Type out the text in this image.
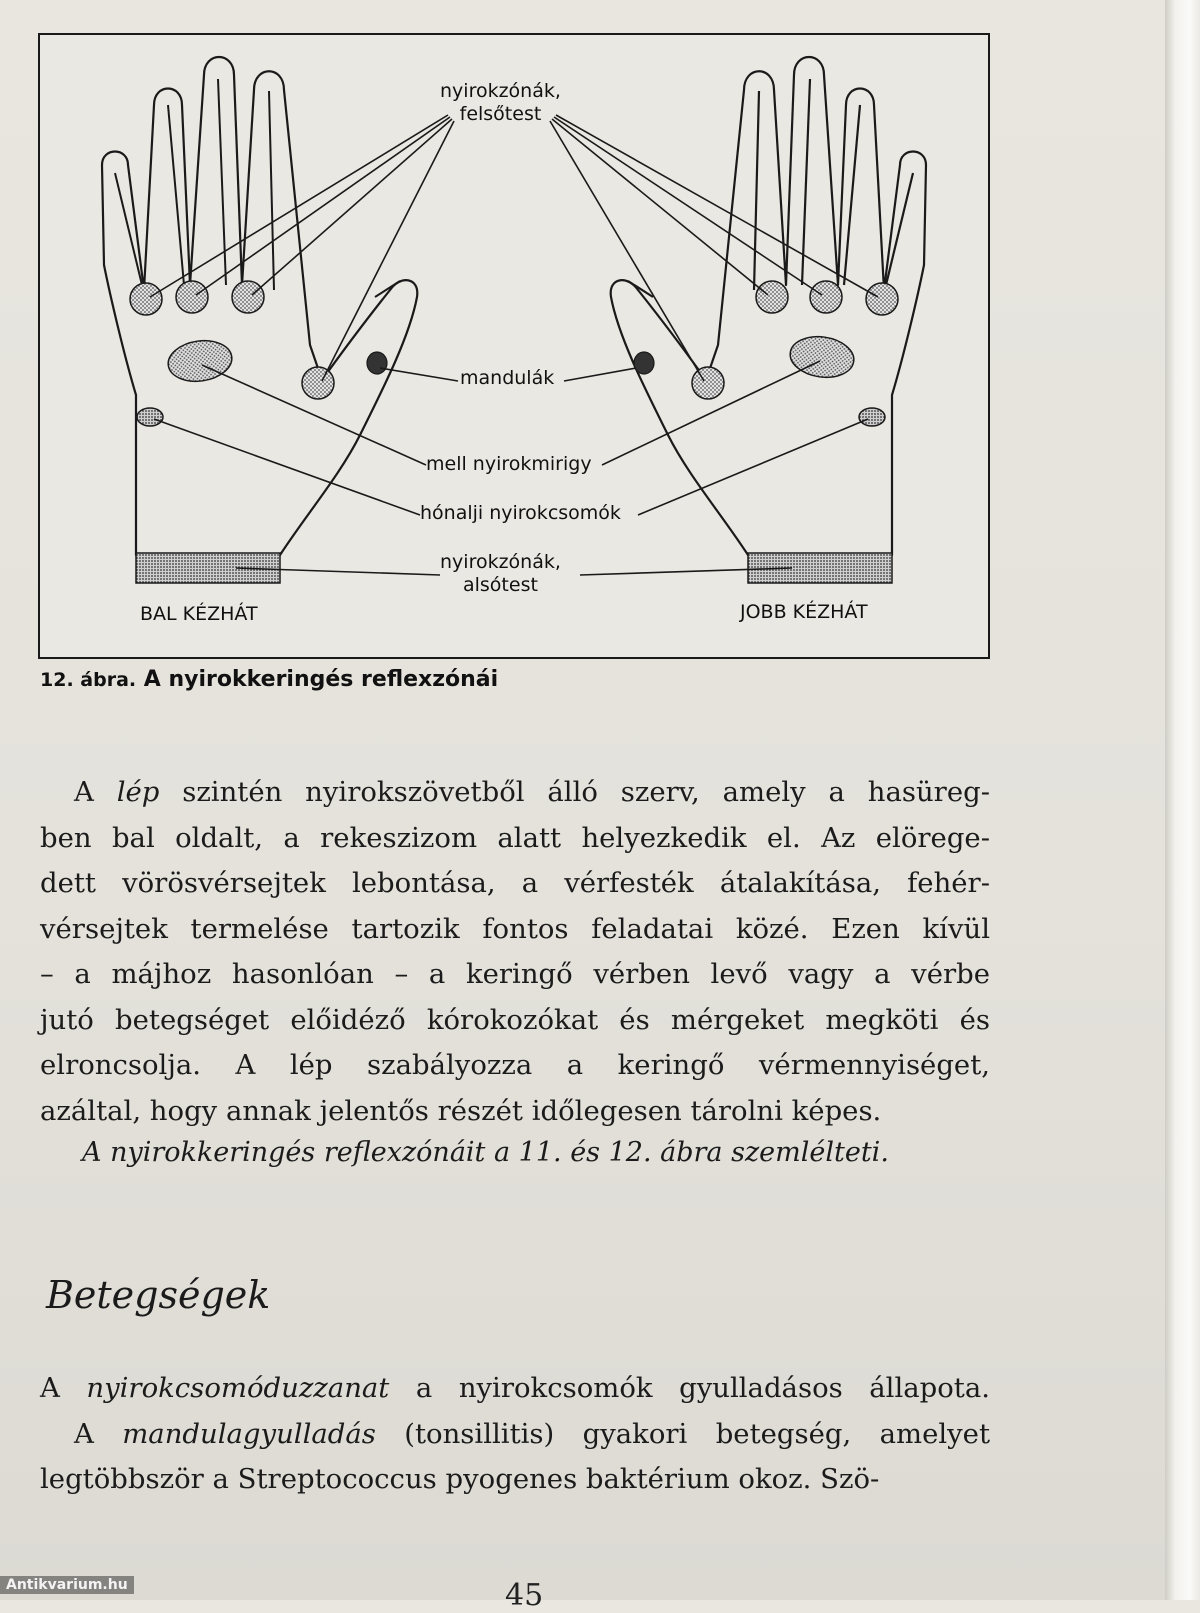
nyirokzónák,
felsőtest
mandulák
mell nyirokmirigy
hónalji nyirokcsomók
nyirokzónák,
alsótest
BAL KÉZHÁT	JOBB KÉZHÁT
12. ábra. A nyirokkeringés reflexzónái
A lép szintén nyirokszövetből álló szerv, amely a hasüreg-
ben bal oldalt, a rekeszizom alatt helyezkedik el. Az elörege-
dett vörösvérsejtek lebontása, a vérfesték átalakítása, fehér-
vérsejtek termelése tartozik fontos feladatai közé. Ezen kívül
– a májhoz hasonlóan – a keringő vérben levő vagy a vérbe
jutó betegséget előidéző kórokozókat és mérgeket megköti és
elroncsolja. A lép szabályozza a keringő vérmennyiséget,
azáltal, hogy annak jelentős részét időlegesen tárolni képes.
A nyirokkeringés reflexzónáit a 11. és 12. ábra szemlélteti.
Betegségek
A nyirokcsomóduzzanat a nyirokcsomók gyulladásos állapota.
A mandulagyulladás (tonsillitis) gyakori betegség, amelyet
legtöbbször a Streptococcus pyogenes baktérium okoz. Szö-
45
Antikvarium.hu
